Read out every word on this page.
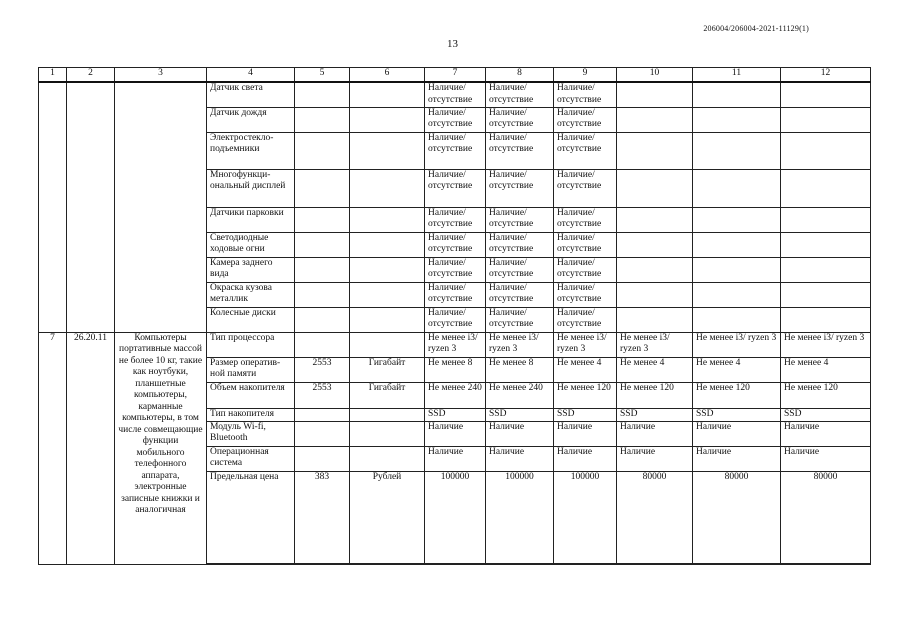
206004/206004-2021-11129(1)
13
1	2	3	4	5	6	7	8	9	10	11	12
			Датчик света			Наличие/ отсутствие	Наличие/ отсутствие	Наличие/ отсутствие			
			Датчик дождя			Наличие/ отсутствие	Наличие/ отсутствие	Наличие/ отсутствие			
			Электростекло-подъемники			Наличие/ отсутствие	Наличие/ отсутствие	Наличие/ отсутствие			
			Многофункци-ональный дисплей			Наличие/ отсутствие	Наличие/ отсутствие	Наличие/ отсутствие			
			Датчики парковки			Наличие/ отсутствие	Наличие/ отсутствие	Наличие/ отсутствие			
			Светодиодные ходовые огни			Наличие/ отсутствие	Наличие/ отсутствие	Наличие/ отсутствие			
			Камера заднего вида			Наличие/ отсутствие	Наличие/ отсутствие	Наличие/ отсутствие			
			Окраска кузова металлик			Наличие/ отсутствие	Наличие/ отсутствие	Наличие/ отсутствие			
			Колесные диски			Наличие/ отсутствие	Наличие/ отсутствие	Наличие/ отсутствие			
7	26.20.11	Компьютеры портативные массой не более 10 кг, такие как ноутбуки, планшетные компьютеры, карманные компьютеры, в том числе совмещающие функции мобильного телефонного аппарата, электронные записные книжки и аналогичная	Тип процессора			Не менее i3/ ryzen 3	Не менее i3/ ryzen 3	Не менее i3/ ryzen 3	Не менее i3/ ryzen 3	Не менее i3/ ryzen 3	Не менее i3/ ryzen 3
			Размер оператив-ной памяти	2553	Гигабайт	Не менее 8	Не менее 8	Не менее 4	Не менее 4	Не менее 4	Не менее 4
			Объем накопителя	2553	Гигабайт	Не менее 240	Не менее 240	Не менее 120	Не менее 120	Не менее 120	Не менее 120
			Тип накопителя			SSD	SSD	SSD	SSD	SSD	SSD
			Модуль Wi-fi, Bluetooth			Наличие	Наличие	Наличие	Наличие	Наличие	Наличие
			Операционная система			Наличие	Наличие	Наличие	Наличие	Наличие	Наличие
			Предельная цена	383	Рублей	100000	100000	100000	80000	80000	80000
